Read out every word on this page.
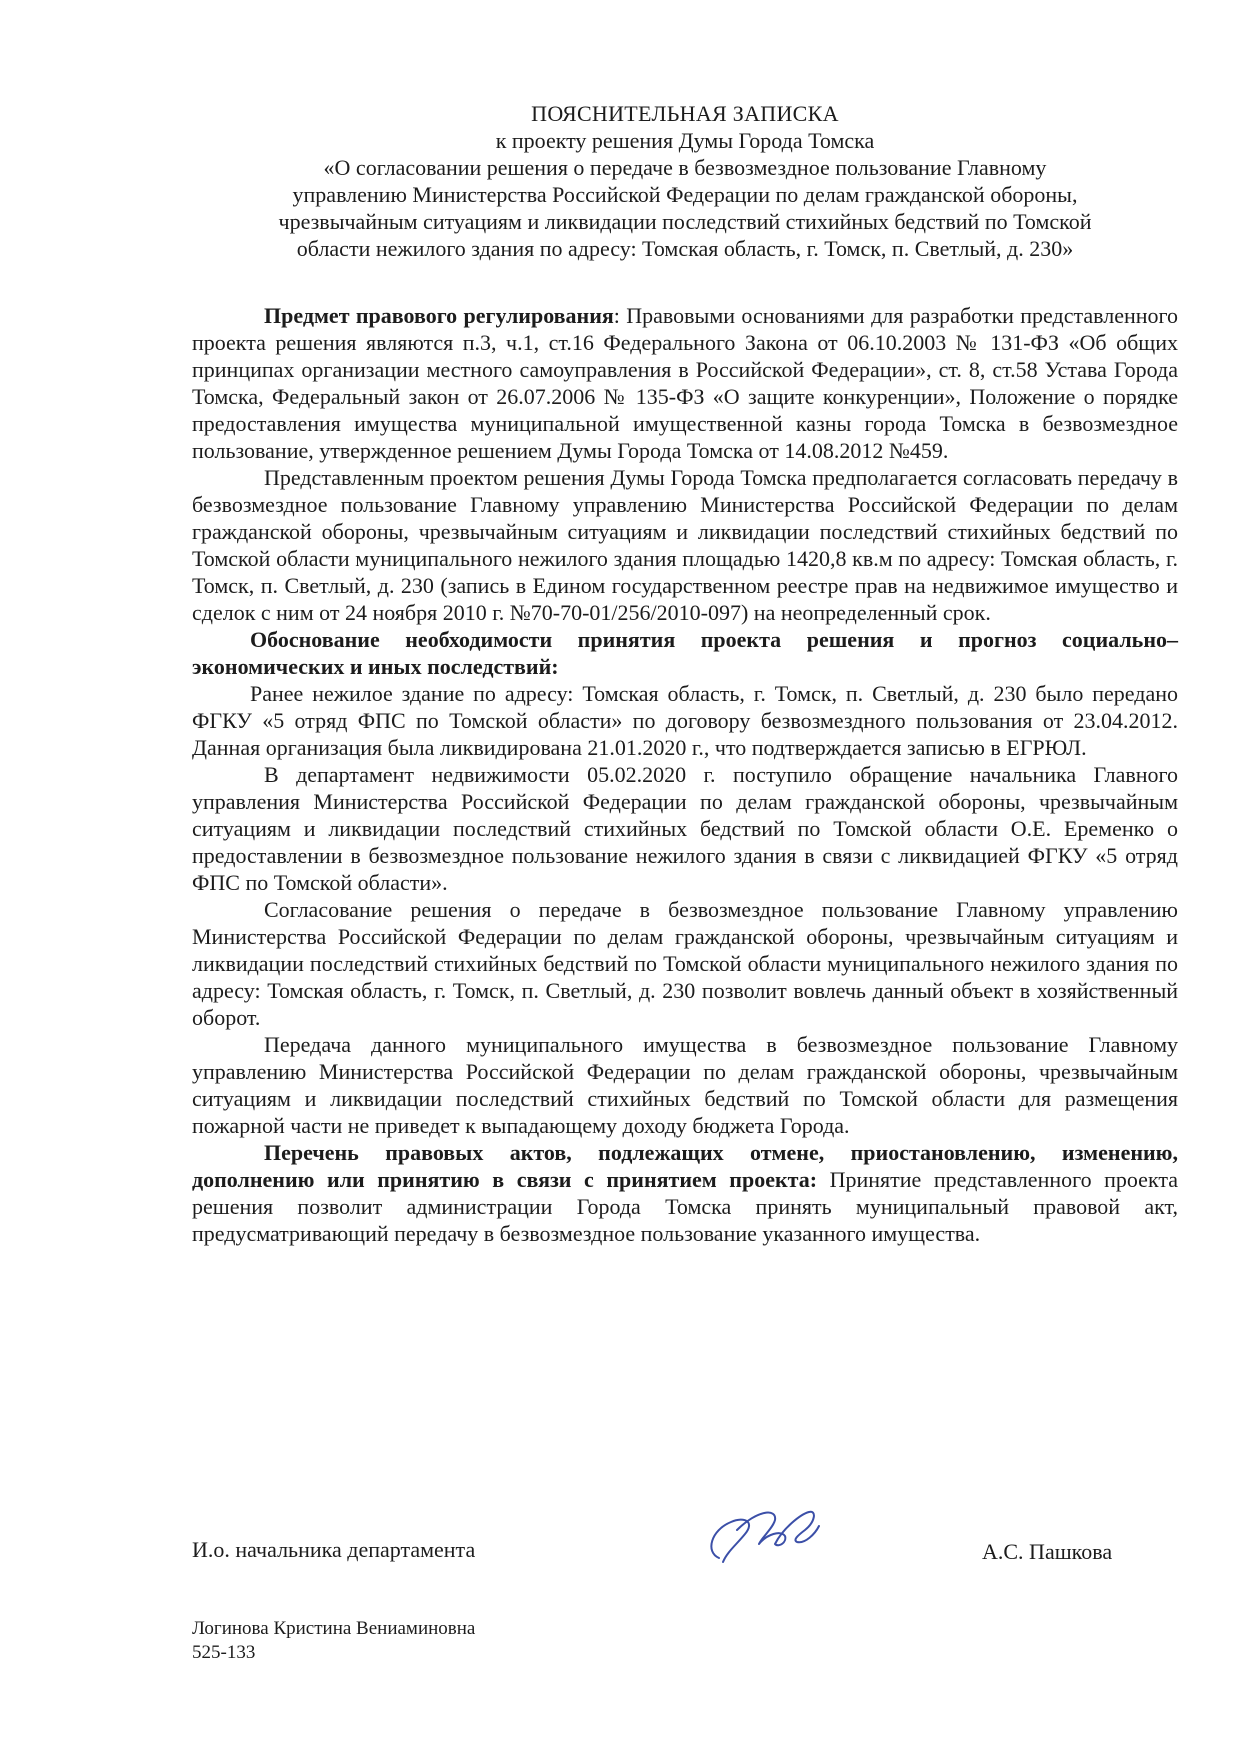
ПОЯСНИТЕЛЬНАЯ ЗАПИСКА
к проекту решения Думы Города Томска
«О согласовании решения о передаче в безвозмездное пользование Главному
управлению Министерства Российской Федерации по делам гражданской обороны,
чрезвычайным ситуациям и ликвидации последствий стихийных бедствий по Томской
области нежилого здания по адресу: Томская область, г. Томск, п. Светлый, д. 230»

Предмет правового регулирования: Правовыми основаниями для разработки представленного проекта решения являются п.3, ч.1, ст.16 Федерального Закона от 06.10.2003 № 131-ФЗ «Об общих принципах организации местного самоуправления в Российской Федерации», ст. 8, ст.58 Устава Города Томска, Федеральный закон от 26.07.2006 № 135-ФЗ «О защите конкуренции», Положение о порядке предоставления имущества муниципальной имущественной казны города Томска в безвозмездное пользование, утвержденное решением Думы Города Томска от 14.08.2012 №459.

Представленным проектом решения Думы Города Томска предполагается согласовать передачу в безвозмездное пользование Главному управлению Министерства Российской Федерации по делам гражданской обороны, чрезвычайным ситуациям и ликвидации последствий стихийных бедствий по Томской области муниципального нежилого здания площадью 1420,8 кв.м по адресу: Томская область, г. Томск, п. Светлый, д. 230 (запись в Едином государственном реестре прав на недвижимое имущество и сделок с ним от 24 ноября 2010 г. №70-70-01/256/2010-097) на неопределенный срок.

Обоснование необходимости принятия проекта решения и прогноз социально–экономических и иных последствий:

Ранее нежилое здание по адресу: Томская область, г. Томск, п. Светлый, д. 230 было передано ФГКУ «5 отряд ФПС по Томской области» по договору безвозмездного пользования от 23.04.2012. Данная организация была ликвидирована 21.01.2020 г., что подтверждается записью в ЕГРЮЛ.

В департамент недвижимости 05.02.2020 г. поступило обращение начальника Главного управления Министерства Российской Федерации по делам гражданской обороны, чрезвычайным ситуациям и ликвидации последствий стихийных бедствий по Томской области О.Е. Еременко о предоставлении в безвозмездное пользование нежилого здания в связи с ликвидацией ФГКУ «5 отряд ФПС по Томской области».

Согласование решения о передаче в безвозмездное пользование Главному управлению Министерства Российской Федерации по делам гражданской обороны, чрезвычайным ситуациям и ликвидации последствий стихийных бедствий по Томской области муниципального нежилого здания по адресу: Томская область, г. Томск, п. Светлый, д. 230 позволит вовлечь данный объект в хозяйственный оборот.

Передача данного муниципального имущества в безвозмездное пользование Главному управлению Министерства Российской Федерации по делам гражданской обороны, чрезвычайным ситуациям и ликвидации последствий стихийных бедствий по Томской области для размещения пожарной части не приведет к выпадающему доходу бюджета Города.

Перечень правовых актов, подлежащих отмене, приостановлению, изменению, дополнению или принятию в связи с принятием проекта: Принятие представленного проекта решения позволит администрации Города Томска принять муниципальный правовой акт, предусматривающий передачу в безвозмездное пользование указанного имущества.

И.о. начальника департамента	А.С. Пашкова
Логинова Кристина Вениаминовна
525-133
